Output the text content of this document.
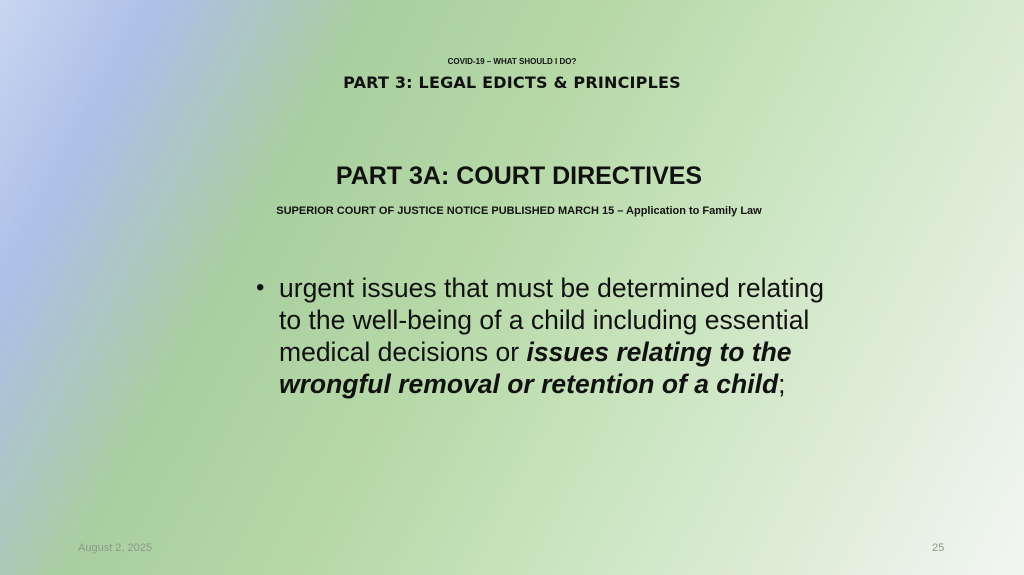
COVID-19 – WHAT SHOULD I DO?
PART 3: LEGAL EDICTS & PRINCIPLES
PART 3A: COURT DIRECTIVES
SUPERIOR COURT OF JUSTICE NOTICE PUBLISHED MARCH 15 – Application to Family Law
• urgent issues that must be determined relating to the well-being of a child including essential medical decisions or issues relating to the wrongful removal or retention of a child;
August 2, 2025	25
